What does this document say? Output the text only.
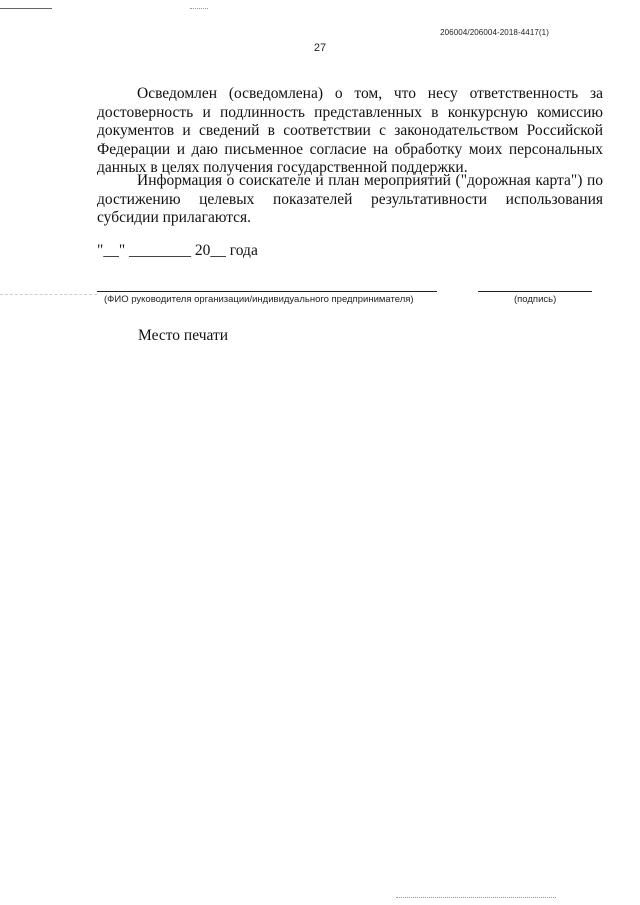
206004/206004-2018-4417(1)
27

Осведомлен (осведомлена) о том, что несу ответственность за достоверность и подлинность представленных в конкурсную комиссию документов и сведений в соответствии с законодательством Российской Федерации и даю письменное согласие на обработку моих персональных данных в целях получения государственной поддержки.

Информация о соискателе и план мероприятий ("дорожная карта") по достижению целевых показателей результативности использования субсидии прилагаются.

"__" ________ 20__ года
(ФИО руководителя организации/индивидуального предпринимателя)	(подпись)
Место печати
